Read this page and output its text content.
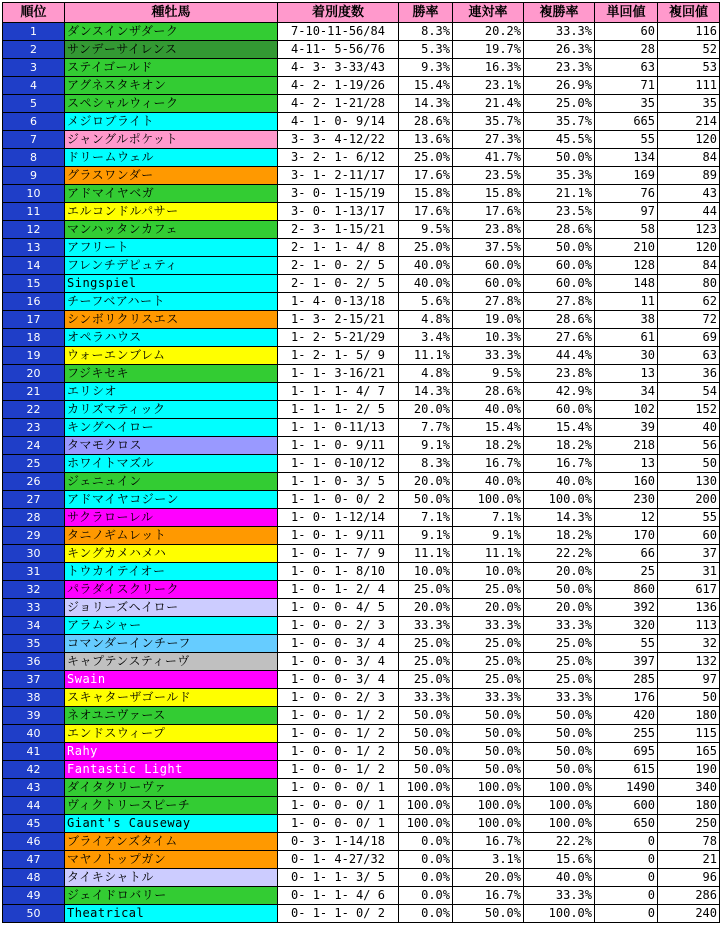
順位	種牡馬	着別度数	勝率	連対率	複勝率	単回値	複回値
1	ダンスインザダーク	7-10-11-56/84	8.3%	20.2%	33.3%	60	116
2	サンデーサイレンス	4-11- 5-56/76	5.3%	19.7%	26.3%	28	52
3	ステイゴールド	4- 3- 3-33/43	9.3%	16.3%	23.3%	63	53
4	アグネスタキオン	4- 2- 1-19/26	15.4%	23.1%	26.9%	71	111
5	スペシャルウィーク	4- 2- 1-21/28	14.3%	21.4%	25.0%	35	35
6	メジロブライト	4- 1- 0- 9/14	28.6%	35.7%	35.7%	665	214
7	ジャングルポケット	3- 3- 4-12/22	13.6%	27.3%	45.5%	55	120
8	ドリームウェル	3- 2- 1- 6/12	25.0%	41.7%	50.0%	134	84
9	グラスワンダー	3- 1- 2-11/17	17.6%	23.5%	35.3%	169	89
10	アドマイヤベガ	3- 0- 1-15/19	15.8%	15.8%	21.1%	76	43
11	エルコンドルパサー	3- 0- 1-13/17	17.6%	17.6%	23.5%	97	44
12	マンハッタンカフェ	2- 3- 1-15/21	9.5%	23.8%	28.6%	58	123
13	アフリート	2- 1- 1- 4/ 8	25.0%	37.5%	50.0%	210	120
14	フレンチデピュティ	2- 1- 0- 2/ 5	40.0%	60.0%	60.0%	128	84
15	Singspiel	2- 1- 0- 2/ 5	40.0%	60.0%	60.0%	148	80
16	チーフベアハート	1- 4- 0-13/18	5.6%	27.8%	27.8%	11	62
17	シンボリクリスエス	1- 3- 2-15/21	4.8%	19.0%	28.6%	38	72
18	オペラハウス	1- 2- 5-21/29	3.4%	10.3%	27.6%	61	69
19	ウォーエンブレム	1- 2- 1- 5/ 9	11.1%	33.3%	44.4%	30	63
20	フジキセキ	1- 1- 3-16/21	4.8%	9.5%	23.8%	13	36
21	エリシオ	1- 1- 1- 4/ 7	14.3%	28.6%	42.9%	34	54
22	カリズマティック	1- 1- 1- 2/ 5	20.0%	40.0%	60.0%	102	152
23	キングヘイロー	1- 1- 0-11/13	7.7%	15.4%	15.4%	39	40
24	タマモクロス	1- 1- 0- 9/11	9.1%	18.2%	18.2%	218	56
25	ホワイトマズル	1- 1- 0-10/12	8.3%	16.7%	16.7%	13	50
26	ジェニュイン	1- 1- 0- 3/ 5	20.0%	40.0%	40.0%	160	130
27	アドマイヤコジーン	1- 1- 0- 0/ 2	50.0%	100.0%	100.0%	230	200
28	サクラローレル	1- 0- 1-12/14	7.1%	7.1%	14.3%	12	55
29	タニノギムレット	1- 0- 1- 9/11	9.1%	9.1%	18.2%	170	60
30	キングカメハメハ	1- 0- 1- 7/ 9	11.1%	11.1%	22.2%	66	37
31	トウカイテイオー	1- 0- 1- 8/10	10.0%	10.0%	20.0%	25	31
32	パラダイスクリーク	1- 0- 1- 2/ 4	25.0%	25.0%	50.0%	860	617
33	ジョリーズヘイロー	1- 0- 0- 4/ 5	20.0%	20.0%	20.0%	392	136
34	アラムシャー	1- 0- 0- 2/ 3	33.3%	33.3%	33.3%	320	113
35	コマンダーインチーフ	1- 0- 0- 3/ 4	25.0%	25.0%	25.0%	55	32
36	キャプテンスティーヴ	1- 0- 0- 3/ 4	25.0%	25.0%	25.0%	397	132
37	Swain	1- 0- 0- 3/ 4	25.0%	25.0%	25.0%	285	97
38	スキャターザゴールド	1- 0- 0- 2/ 3	33.3%	33.3%	33.3%	176	50
39	ネオユニヴァース	1- 0- 0- 1/ 2	50.0%	50.0%	50.0%	420	180
40	エンドスウィープ	1- 0- 0- 1/ 2	50.0%	50.0%	50.0%	255	115
41	Rahy	1- 0- 0- 1/ 2	50.0%	50.0%	50.0%	695	165
42	Fantastic Light	1- 0- 0- 1/ 2	50.0%	50.0%	50.0%	615	190
43	ダイタクリーヴァ	1- 0- 0- 0/ 1	100.0%	100.0%	100.0%	1490	340
44	ヴィクトリースピーチ	1- 0- 0- 0/ 1	100.0%	100.0%	100.0%	600	180
45	Giant's Causeway	1- 0- 0- 0/ 1	100.0%	100.0%	100.0%	650	250
46	ブライアンズタイム	0- 3- 1-14/18	0.0%	16.7%	22.2%	0	78
47	マヤノトップガン	0- 1- 4-27/32	0.0%	3.1%	15.6%	0	21
48	タイキシャトル	0- 1- 1- 3/ 5	0.0%	20.0%	40.0%	0	96
49	ジェイドロバリー	0- 1- 1- 4/ 6	0.0%	16.7%	33.3%	0	286
50	Theatrical	0- 1- 1- 0/ 2	0.0%	50.0%	100.0%	0	240
